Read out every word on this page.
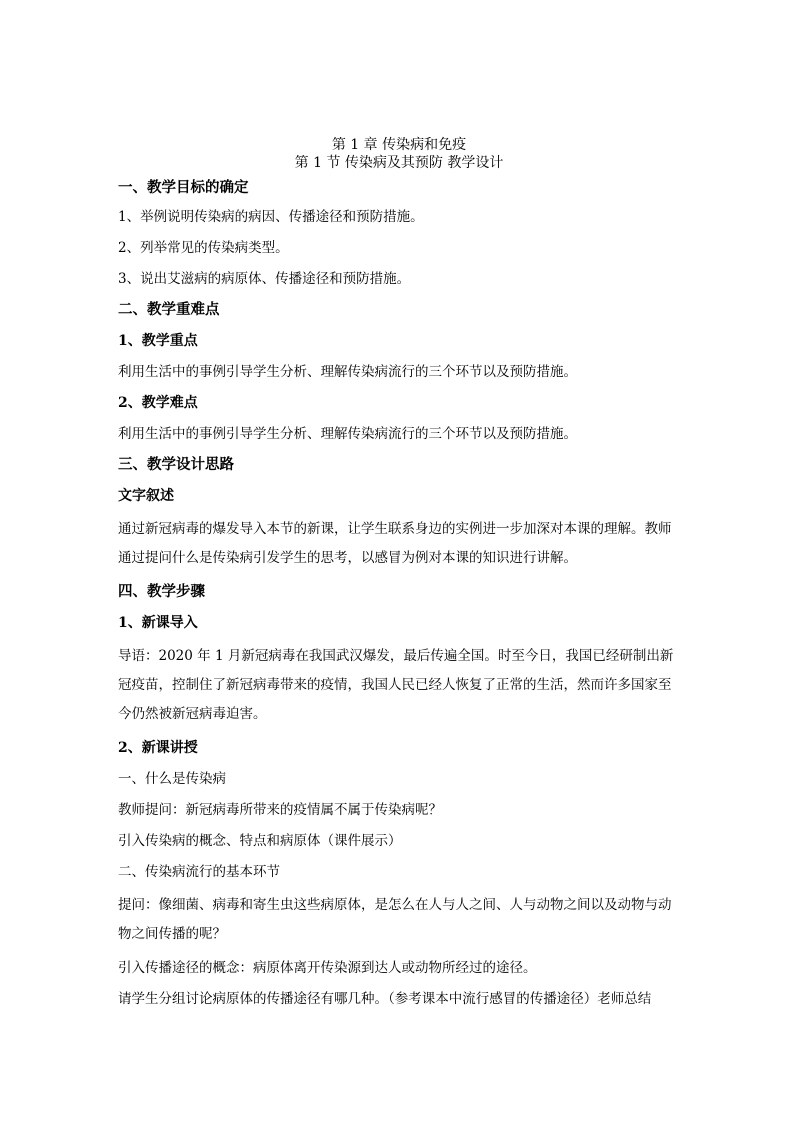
第 1 章 传染病和免疫

第 1 节 传染病及其预防 教学设计

一、教学目标的确定

1、举例说明传染病的病因、传播途径和预防措施。

2、列举常见的传染病类型。

3、说出艾滋病的病原体、传播途径和预防措施。

二、教学重难点

1、教学重点

利用生活中的事例引导学生分析、理解传染病流行的三个环节以及预防措施。

2、教学难点

利用生活中的事例引导学生分析、理解传染病流行的三个环节以及预防措施。

三、教学设计思路

文字叙述

通过新冠病毒的爆发导入本节的新课，让学生联系身边的实例进一步加深对本课的理解。教师通过提问什么是传染病引发学生的思考，以感冒为例对本课的知识进行讲解。

四、教学步骤

1、新课导入

导语：2020 年 1 月新冠病毒在我国武汉爆发，最后传遍全国。时至今日，我国已经研制出新冠疫苗，控制住了新冠病毒带来的疫情，我国人民已经人恢复了正常的生活，然而许多国家至今仍然被新冠病毒迫害。

2、新课讲授

一、什么是传染病

教师提问：新冠病毒所带来的疫情属不属于传染病呢？

引入传染病的概念、特点和病原体（课件展示）

二、传染病流行的基本环节

提问：像细菌、病毒和寄生虫这些病原体，是怎么在人与人之间、人与动物之间以及动物与动物之间传播的呢？

引入传播途径的概念：病原体离开传染源到达人或动物所经过的途径。

请学生分组讨论病原体的传播途径有哪几种。（参考课本中流行感冒的传播途径）老师总结
